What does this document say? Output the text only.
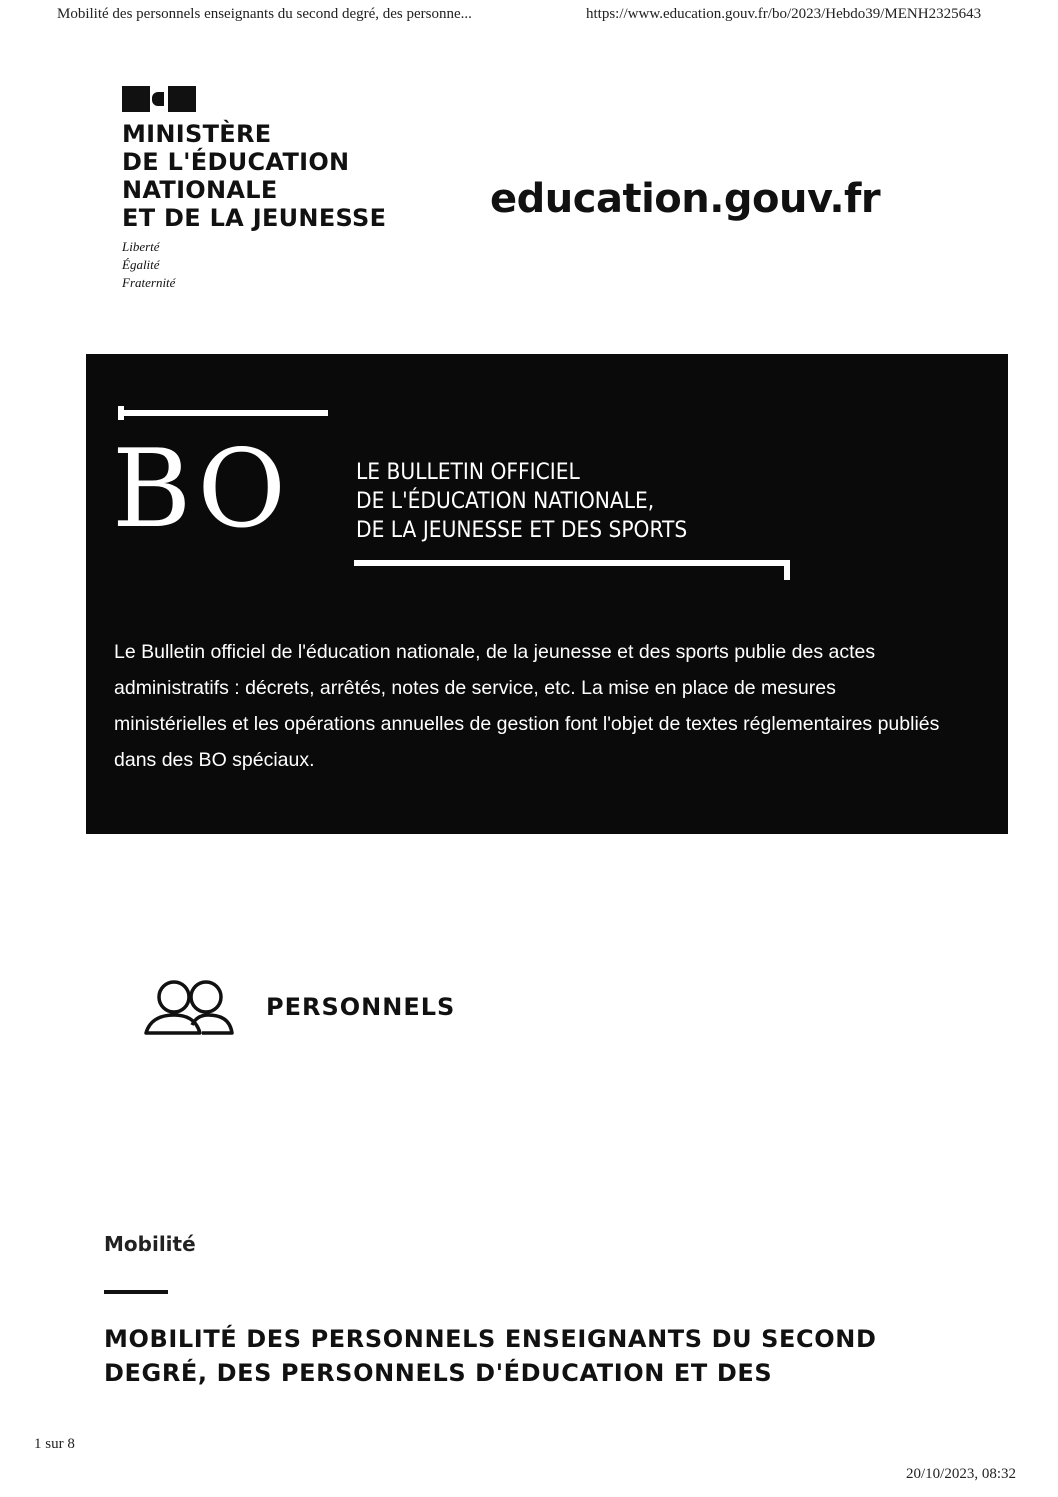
Mobilité des personnels enseignants du second degré, des personne...	https://www.education.gouv.fr/bo/2023/Hebdo39/MENH2325643
MINISTÈRE
DE L'ÉDUCATION
NATIONALE
ET DE LA JEUNESSE
Liberté
Égalité
Fraternité
education.gouv.fr
BO	LE BULLETIN OFFICIEL
DE L'ÉDUCATION NATIONALE,
DE LA JEUNESSE ET DES SPORTS
Le Bulletin officiel de l'éducation nationale, de la jeunesse et des sports publie des actes administratifs : décrets, arrêtés, notes de service, etc. La mise en place de mesures ministérielles et les opérations annuelles de gestion font l'objet de textes réglementaires publiés dans des BO spéciaux.
PERSONNELS
Mobilité
MOBILITÉ DES PERSONNELS ENSEIGNANTS DU SECOND
DEGRÉ, DES PERSONNELS D'ÉDUCATION ET DES
1 sur 8
20/10/2023, 08:32
